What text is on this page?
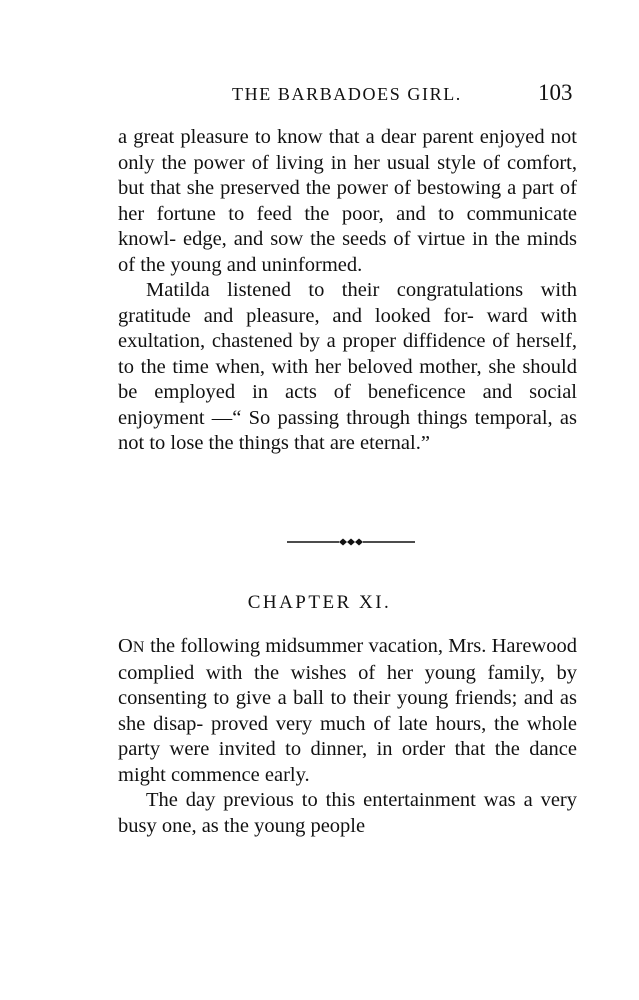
THE BARBADOES GIRL.	103

a great pleasure to know that a dear parent enjoyed not only the power of living in her usual style of comfort, but that she preserved the power of bestowing a part of her fortune to feed the poor, and to communicate knowl- edge, and sow the seeds of virtue in the minds of the young and uninformed.

Matilda listened to their congratulations with gratitude and pleasure, and looked for- ward with exultation, chastened by a proper diffidence of herself, to the time when, with her beloved mother, she should be employed in acts of beneficence and social enjoyment —“ So passing through things temporal, as not to lose the things that are eternal.”

CHAPTER XI.

ON the following midsummer vacation, Mrs. Harewood complied with the wishes of her young family, by consenting to give a ball to their young friends; and as she disap- proved very much of late hours, the whole party were invited to dinner, in order that the dance might commence early.

The day previous to this entertainment was a very busy one, as the young people
